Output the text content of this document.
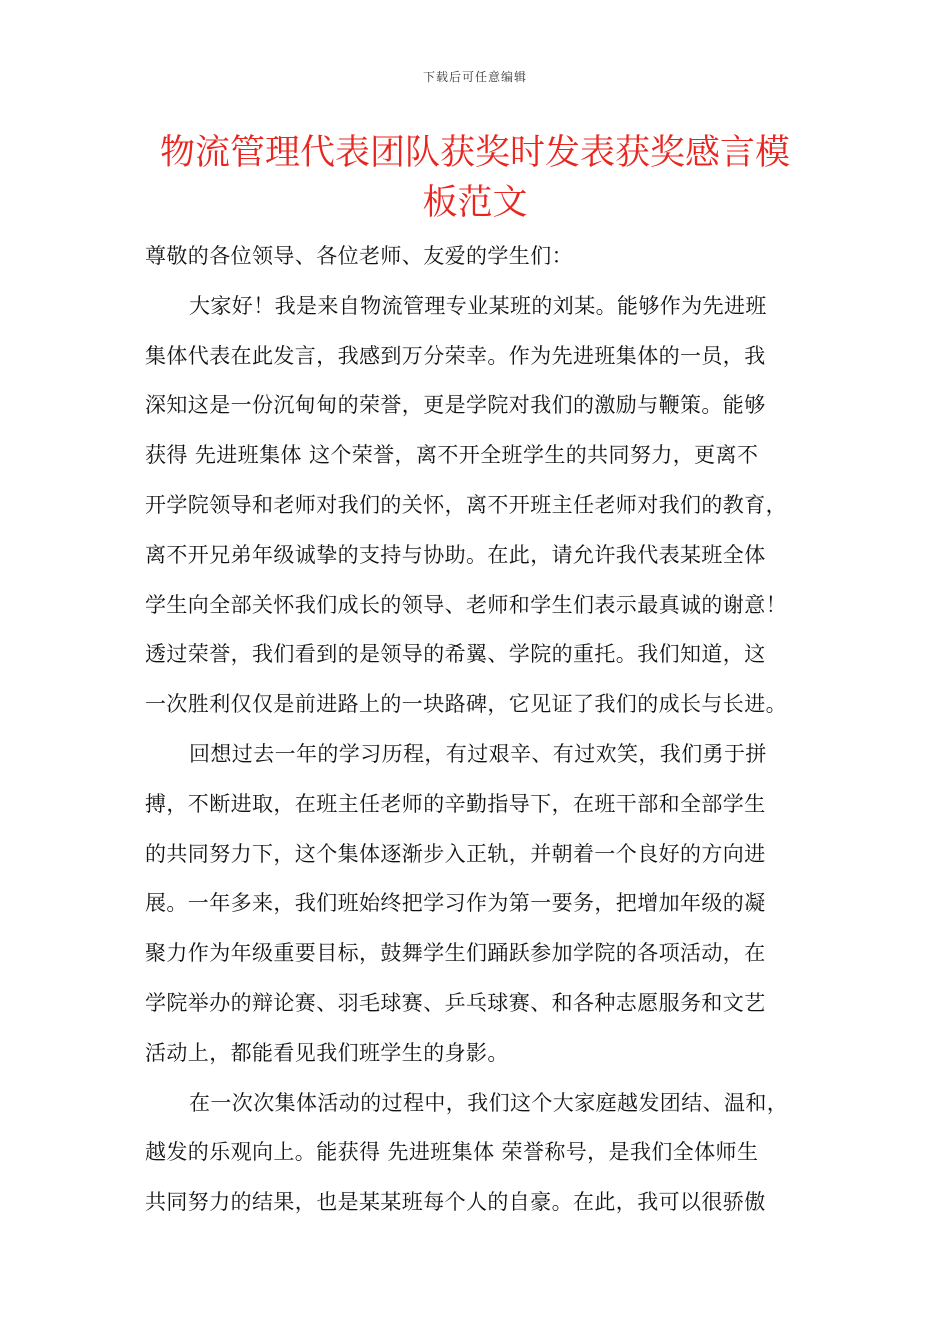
下载后可任意编辑
物流管理代表团队获奖时发表获奖感言模
板范文
尊敬的各位领导、各位老师、友爱的学生们：
大家好！我是来自物流管理专业某班的刘某。能够作为先进班
集体代表在此发言，我感到万分荣幸。作为先进班集体的一员，我
深知这是一份沉甸甸的荣誉，更是学院对我们的激励与鞭策。能够
获得 先进班集体 这个荣誉，离不开全班学生的共同努力，更离不
开学院领导和老师对我们的关怀，离不开班主任老师对我们的教育，
离不开兄弟年级诚挚的支持与协助。在此，请允许我代表某班全体
学生向全部关怀我们成长的领导、老师和学生们表示最真诚的谢意！
透过荣誉，我们看到的是领导的希翼、学院的重托。我们知道，这
一次胜利仅仅是前进路上的一块路碑，它见证了我们的成长与长进。
回想过去一年的学习历程，有过艰辛、有过欢笑，我们勇于拼
搏，不断进取，在班主任老师的辛勤指导下，在班干部和全部学生
的共同努力下，这个集体逐渐步入正轨，并朝着一个良好的方向进
展。一年多来，我们班始终把学习作为第一要务，把增加年级的凝
聚力作为年级重要目标，鼓舞学生们踊跃参加学院的各项活动，在
学院举办的辩论赛、羽毛球赛、乒乓球赛、和各种志愿服务和文艺
活动上，都能看见我们班学生的身影。
在一次次集体活动的过程中，我们这个大家庭越发团结、温和，
越发的乐观向上。能获得 先进班集体 荣誉称号，是我们全体师生
共同努力的结果，也是某某班每个人的自豪。在此，我可以很骄傲
